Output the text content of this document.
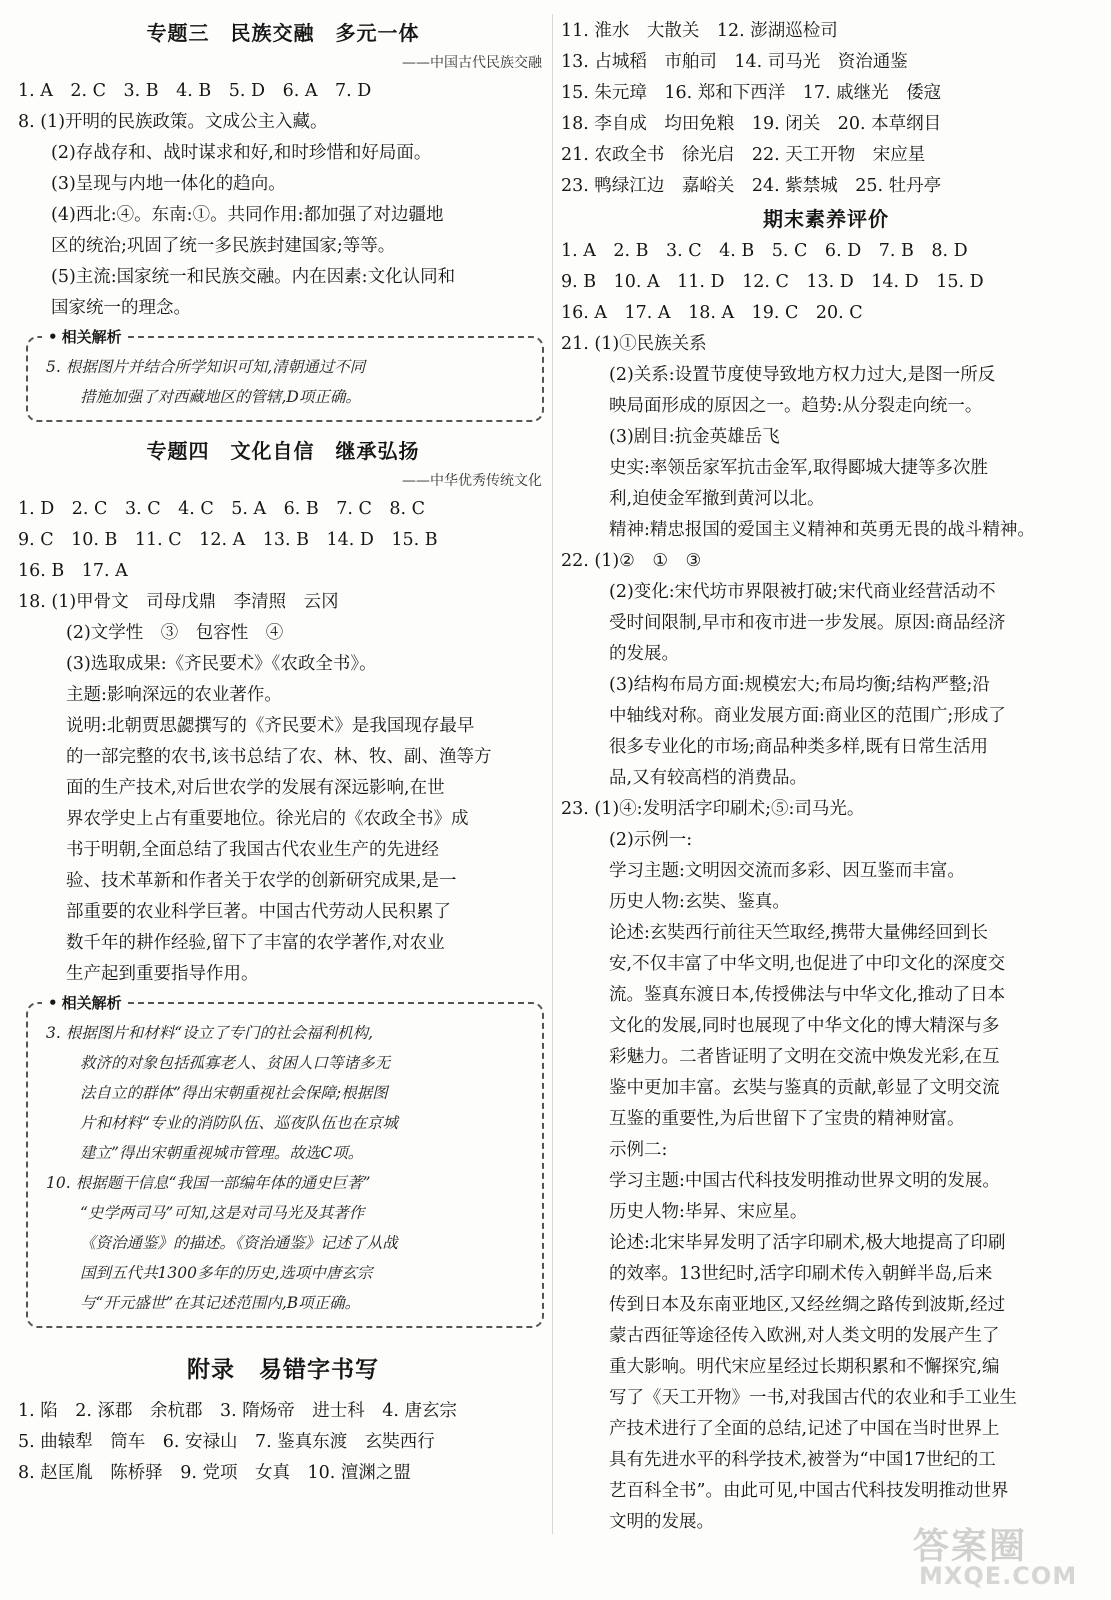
专题三　民族交融　多元一体
——中国古代民族交融
1. A　2. C　3. B　4. B　5. D　6. A　7. D
8. (1)开明的民族政策。文成公主入藏。
(2)存战存和、战时谋求和好,和时珍惜和好局面。
(3)呈现与内地一体化的趋向。
(4)西北:④。东南:①。共同作用:都加强了对边疆地
区的统治;巩固了统一多民族封建国家;等等。
(5)主流:国家统一和民族交融。内在因素:文化认同和
国家统一的理念。
• 相关解析
5. 根据图片并结合所学知识可知,清朝通过不同
措施加强了对西藏地区的管辖,D项正确。
专题四　文化自信　继承弘扬
——中华优秀传统文化
1. D　2. C　3. C　4. C　5. A　6. B　7. C　8. C
9. C　10. B　11. C　12. A　13. B　14. D　15. B
16. B　17. A
18. (1)甲骨文　司母戊鼎　李清照　云冈
(2)文学性　③　包容性　④
(3)选取成果:《齐民要术》《农政全书》。
主题:影响深远的农业著作。
说明:北朝贾思勰撰写的《齐民要术》是我国现存最早
的一部完整的农书,该书总结了农、林、牧、副、渔等方
面的生产技术,对后世农学的发展有深远影响,在世
界农学史上占有重要地位。徐光启的《农政全书》成
书于明朝,全面总结了我国古代农业生产的先进经
验、技术革新和作者关于农学的创新研究成果,是一
部重要的农业科学巨著。中国古代劳动人民积累了
数千年的耕作经验,留下了丰富的农学著作,对农业
生产起到重要指导作用。
• 相关解析
3. 根据图片和材料“设立了专门的社会福利机构,
救济的对象包括孤寡老人、贫困人口等诸多无
法自立的群体”得出宋朝重视社会保障;根据图
片和材料“专业的消防队伍、巡夜队伍也在京城
建立”得出宋朝重视城市管理。故选C项。
10. 根据题干信息“我国一部编年体的通史巨著”
“史学两司马”可知,这是对司马光及其著作
《资治通鉴》的描述。《资治通鉴》记述了从战
国到五代共1300多年的历史,选项中唐玄宗
与“开元盛世”在其记述范围内,B项正确。
附录　易错字书写
1. 陷　2. 涿郡　余杭郡　3. 隋炀帝　进士科　4. 唐玄宗
5. 曲辕犁　筒车　6. 安禄山　7. 鉴真东渡　玄奘西行
8. 赵匡胤　陈桥驿　9. 党项　女真　10. 澶渊之盟
11. 淮水　大散关　12. 澎湖巡检司
13. 占城稻　市舶司　14. 司马光　资治通鉴
15. 朱元璋　16. 郑和下西洋　17. 戚继光　倭寇
18. 李自成　均田免粮　19. 闭关　20. 本草纲目
21. 农政全书　徐光启　22. 天工开物　宋应星
23. 鸭绿江边　嘉峪关　24. 紫禁城　25. 牡丹亭
期末素养评价
1. A　2. B　3. C　4. B　5. C　6. D　7. B　8. D
9. B　10. A　11. D　12. C　13. D　14. D　15. D
16. A　17. A　18. A　19. C　20. C
21. (1)①民族关系
(2)关系:设置节度使导致地方权力过大,是图一所反
映局面形成的原因之一。趋势:从分裂走向统一。
(3)剧目:抗金英雄岳飞
史实:率领岳家军抗击金军,取得郾城大捷等多次胜
利,迫使金军撤到黄河以北。
精神:精忠报国的爱国主义精神和英勇无畏的战斗精神。
22. (1)②　①　③
(2)变化:宋代坊市界限被打破;宋代商业经营活动不
受时间限制,早市和夜市进一步发展。原因:商品经济
的发展。
(3)结构布局方面:规模宏大;布局均衡;结构严整;沿
中轴线对称。商业发展方面:商业区的范围广;形成了
很多专业化的市场;商品种类多样,既有日常生活用
品,又有较高档的消费品。
23. (1)④:发明活字印刷术;⑤:司马光。
(2)示例一:
学习主题:文明因交流而多彩、因互鉴而丰富。
历史人物:玄奘、鉴真。
论述:玄奘西行前往天竺取经,携带大量佛经回到长
安,不仅丰富了中华文明,也促进了中印文化的深度交
流。鉴真东渡日本,传授佛法与中华文化,推动了日本
文化的发展,同时也展现了中华文化的博大精深与多
彩魅力。二者皆证明了文明在交流中焕发光彩,在互
鉴中更加丰富。玄奘与鉴真的贡献,彰显了文明交流
互鉴的重要性,为后世留下了宝贵的精神财富。
示例二:
学习主题:中国古代科技发明推动世界文明的发展。
历史人物:毕昇、宋应星。
论述:北宋毕昇发明了活字印刷术,极大地提高了印刷
的效率。13世纪时,活字印刷术传入朝鲜半岛,后来
传到日本及东南亚地区,又经丝绸之路传到波斯,经过
蒙古西征等途径传入欧洲,对人类文明的发展产生了
重大影响。明代宋应星经过长期积累和不懈探究,编
写了《天工开物》一书,对我国古代的农业和手工业生
产技术进行了全面的总结,记述了中国在当时世界上
具有先进水平的科学技术,被誉为“中国17世纪的工
艺百科全书”。由此可见,中国古代科技发明推动世界
文明的发展。
答案圈
MXQE.COM
